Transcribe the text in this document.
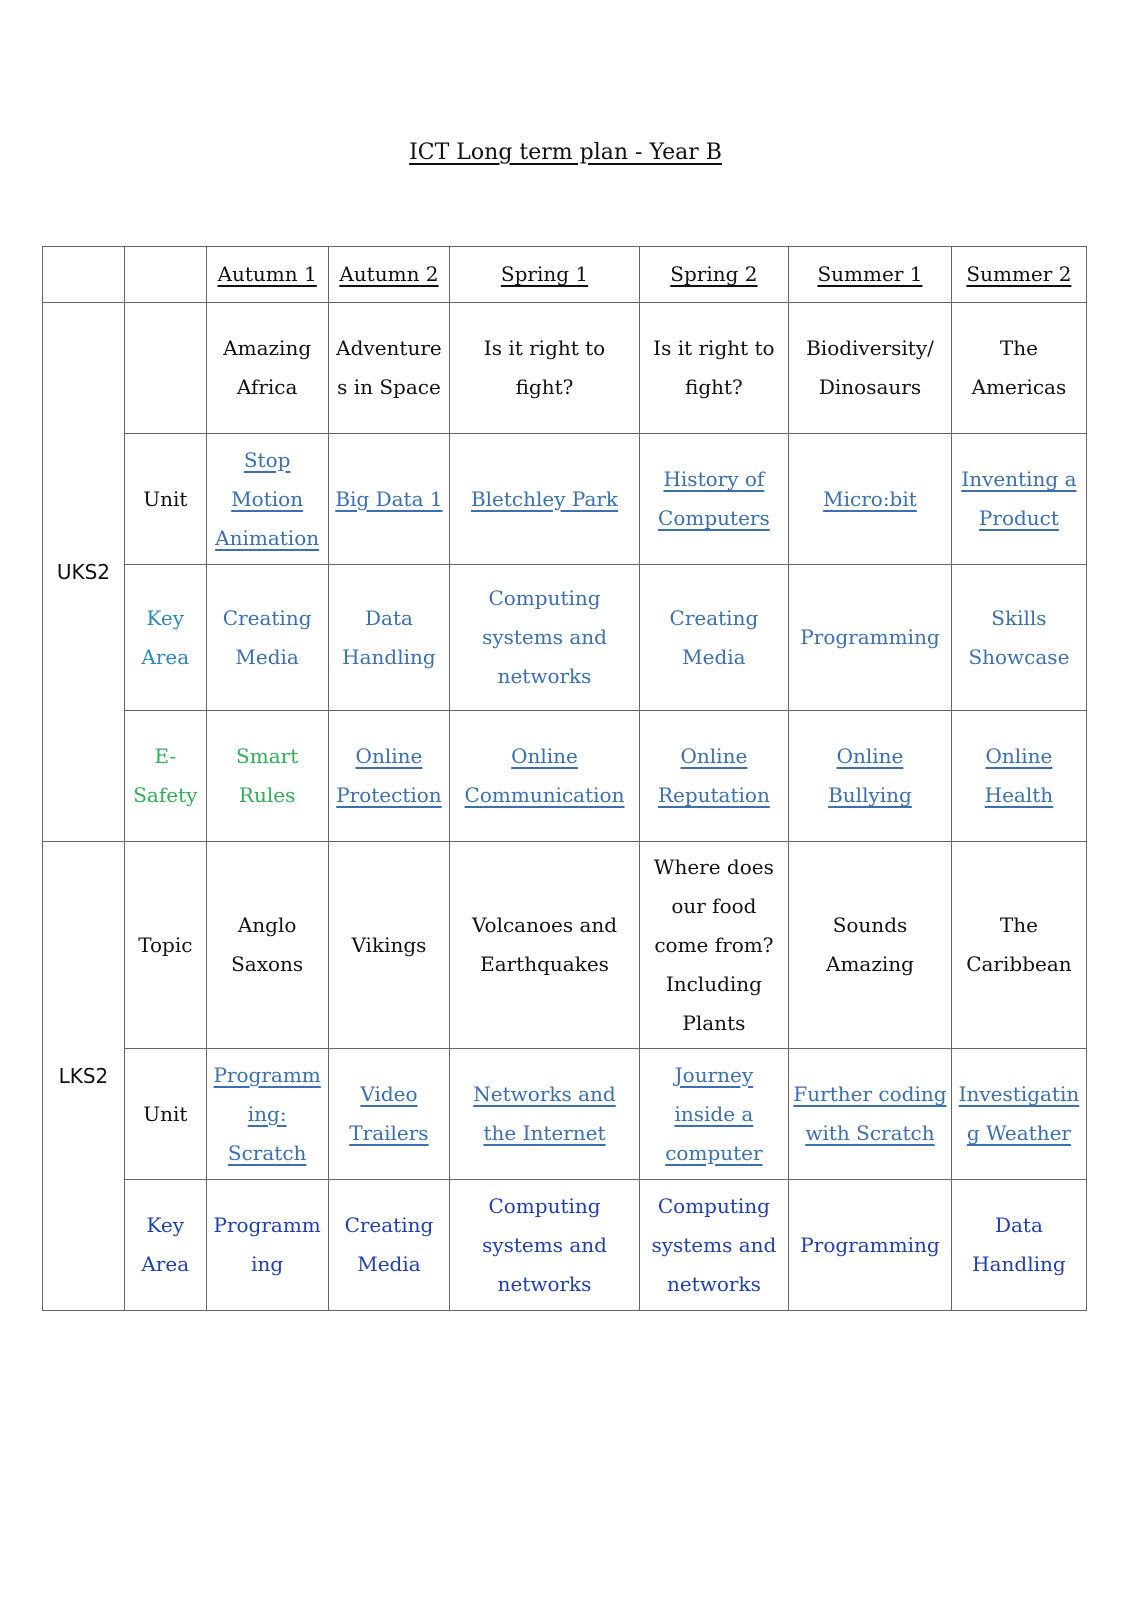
ICT Long term plan - Year B
		Autumn 1	Autumn 2	Spring 1	Spring 2	Summer 1	Summer 2
UKS2		Amazing Africa	Adventures in Space	Is it right to fight?	Is it right to fight?	Biodiversity/ Dinosaurs	The Americas
	Unit	Stop Motion Animation	Big Data 1	Bletchley Park	History of Computers	Micro:bit	Inventing a Product
	Key Area	Creating Media	Data Handling	Computing systems and networks	Creating Media	Programming	Skills Showcase
	E-Safety	Smart Rules	Online Protection	Online Communication	Online Reputation	Online Bullying	Online Health
LKS2	Topic	Anglo Saxons	Vikings	Volcanoes and Earthquakes	Where does our food come from? Including Plants	Sounds Amazing	The Caribbean
	Unit	Programming: Scratch	Video Trailers	Networks and the Internet	Journey inside a computer	Further coding with Scratch	Investigating Weather
	Key Area	Programming	Creating Media	Computing systems and networks	Computing systems and networks	Programming	Data Handling
